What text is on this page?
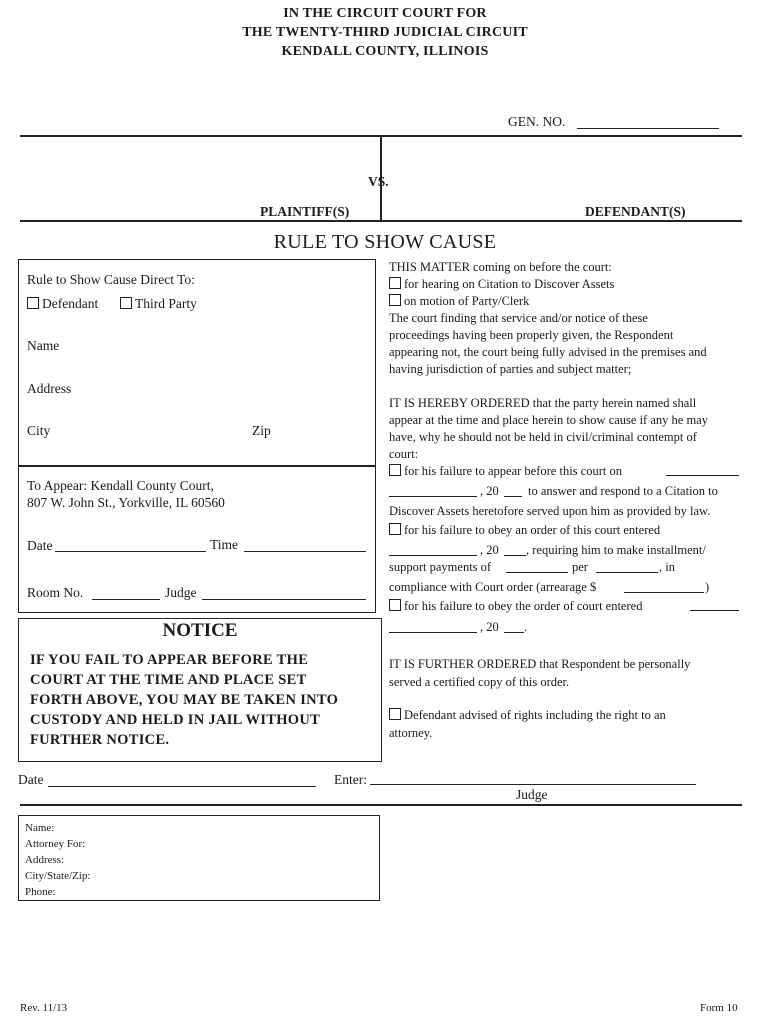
IN THE CIRCUIT COURT FOR
THE TWENTY-THIRD JUDICIAL CIRCUIT
KENDALL COUNTY, ILLINOIS
GEN. NO.
VS.
PLAINTIFF(S)	DEFENDANT(S)
RULE TO SHOW CAUSE
Rule to Show Cause Direct To:
Defendant	Third Party
Name
Address
City	Zip
To Appear: Kendall County Court,
807 W. John St., Yorkville, IL 60560
Date	Time
Room No.	Judge
NOTICE
IF YOU FAIL TO APPEAR BEFORE THE
COURT AT THE TIME AND PLACE SET
FORTH ABOVE, YOU MAY BE TAKEN INTO
CUSTODY AND HELD IN JAIL WITHOUT
FURTHER NOTICE.
THIS MATTER coming on before the court:
for hearing on Citation to Discover Assets
on motion of Party/Clerk
The court finding that service and/or notice of these
proceedings having been properly given, the Respondent
appearing not, the court being fully advised in the premises and
having jurisdiction of parties and subject matter;
IT IS HEREBY ORDERED that the party herein named shall
appear at the time and place herein to show cause if any he may
have, why he should not be held in civil/criminal contempt of
court:
for his failure to appear before this court on
, 20 to answer and respond to a Citation to
Discover Assets heretofore served upon him as provided by law.
for his failure to obey an order of this court entered
, 20 , requiring him to make installment/
support payments of	per	, in
compliance with Court order (arrearage $	)
for his failure to obey the order of court entered
, 20 .
IT IS FURTHER ORDERED that Respondent be personally
served a certified copy of this order.
Defendant advised of rights including the right to an
attorney.
Date	Enter:
Judge
Name:
Attorney For:
Address:
City/State/Zip:
Phone:
Rev. 11/13	Form 10
